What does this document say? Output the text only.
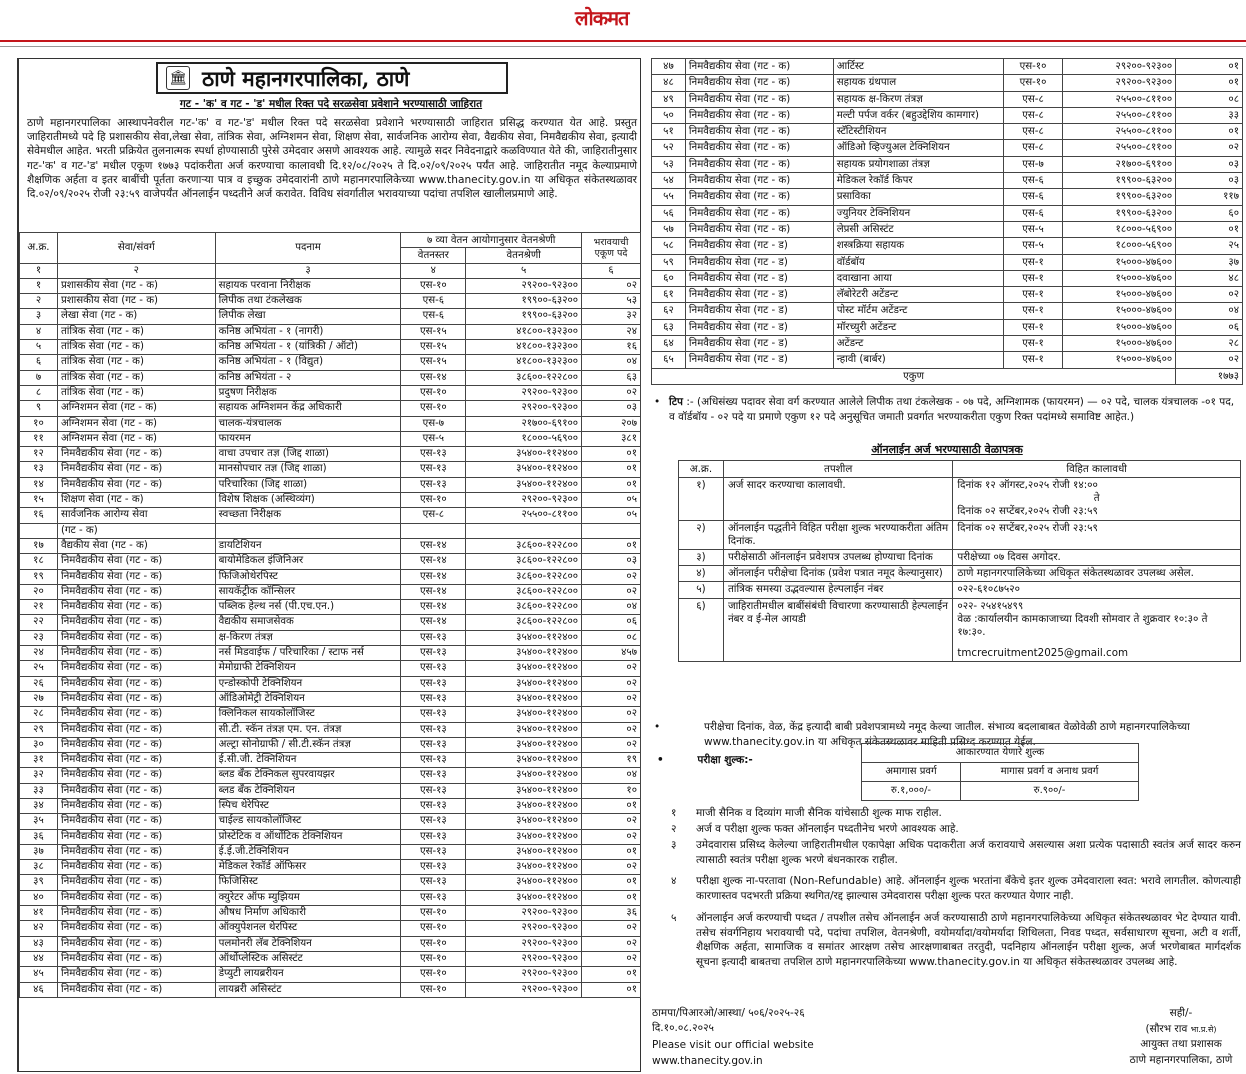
लोकमत
🏛 ठाणे महानगरपालिका, ठाणे
गट - 'क' व गट - 'ड' मधील रिक्त पदे सरळसेवा प्रवेशाने भरण्यासाठी जाहिरात
ठाणे महानगरपालिका आस्थापनेवरील गट-'क' व गट-'ड' मधील रिक्त पदे सरळसेवा प्रवेशाने भरण्यासाठी जाहिरात प्रसिद्ध करण्यात येत आहे. प्रस्तुत जाहिरातीमध्ये पदे हि प्रशासकीय सेवा,लेखा सेवा, तांत्रिक सेवा, अग्निशमन सेवा, शिक्षण सेवा, सार्वजनिक आरोग्य सेवा, वैद्यकीय सेवा, निमवैद्यकीय सेवा, इत्यादी सेवेमधील आहेत. भरती प्रक्रियेत तुलनात्मक स्पर्धा होण्यासाठी पुरेसे उमेदवार असणे आवश्यक आहे. त्यामुळे सदर निवेदनाद्वारे कळविण्यात येते की, जाहिरातीनुसार गट-'क' व गट-'ड' मधील एकूण १७७३ पदांकरीता अर्ज करण्याचा कालावधी दि.१२/०८/२०२५ ते दि.०२/०९/२०२५ पर्यंत आहे. जाहिरातीत नमूद केल्याप्रमाणे शैक्षणिक अर्हता व इतर बाबींची पूर्तता करणाऱ्या पात्र व इच्छुक उमेदवारांनी ठाणे महानगरपालिकेच्या www.thanecity.gov.in या अधिकृत संकेतस्थळावर दि.०२/०९/२०२५ रोजी २३:५९ वाजेपर्यंत ऑनलाईन पध्दतीने अर्ज करावेत. विविध संवर्गातील भरावयाच्या पदांचा तपशिल खालीलप्रमाणे आहे.
अ.क्र.	सेवा/संवर्ग	पदनाम	७ व्या वेतन आयोगानुसार वेतनश्रेणी		भरावयाची एकूण पदे
			वेतनस्तर	वेतनश्रेणी	
१	२	३	४	५	६
१	प्रशासकीय सेवा (गट - क)	सहायक परवाना निरीक्षक	एस-१०	२९२००-९२३००	०२
२	प्रशासकीय सेवा (गट - क)	लिपीक तथा टंकलेखक	एस-६	१९९००-६३२००	५३
३	लेखा सेवा (गट - क)	लिपीक लेखा	एस-६	१९९००-६३२००	३२
४	तांत्रिक सेवा (गट - क)	कनिष्ठ अभियंता - १ (नागरी)	एस-१५	४१८००-१३२३००	२४
५	तांत्रिक सेवा (गट - क)	कनिष्ठ अभियंता - १ (यांत्रिकी / ऑटो)	एस-१५	४१८००-१३२३००	१६
६	तांत्रिक सेवा (गट - क)	कनिष्ठ अभियंता - १ (विद्युत)	एस-१५	४१८००-१३२३००	०४
७	तांत्रिक सेवा (गट - क)	कनिष्ठ अभियंता - २	एस-१४	३८६००-१२२८००	६३
८	तांत्रिक सेवा (गट - क)	प्रदुषण निरीक्षक	एस-१०	२९२००-९२३००	०२
९	अग्निशमन सेवा (गट - क)	सहायक अग्निशमन केंद्र अधिकारी	एस-१०	२९२००-९२३००	०३
१०	अग्निशमन सेवा (गट - क)	चालक-यंत्रचालक	एस-७	२१७००-६९१००	२०७
११	अग्निशमन सेवा (गट - क)	फायरमन	एस-५	१८०००-५६९००	३८१
१२	निमवैद्यकीय सेवा (गट - क)	वाचा उपचार तज्ञ (जिद्द शाळा)	एस-१३	३५४००-११२४००	०१
१३	निमवैद्यकीय सेवा (गट - क)	मानसोपचार तज्ञ (जिद्द शाळा)	एस-१३	३५४००-११२४००	०१
१४	निमवैद्यकीय सेवा (गट - क)	परिचारिका (जिद्द शाळा)	एस-१३	३५४००-११२४००	०१
१५	शिक्षण सेवा (गट - क)	विशेष शिक्षक (अस्थिव्यंग)	एस-१०	२९२००-९२३००	०५
१६	सार्वजनिक आरोग्य सेवा	स्वच्छता निरीक्षक	एस-८	२५५००-८११००	०५
	(गट - क)				
१७	वैद्यकीय सेवा (गट - क)	डायटिशियन	एस-१४	३८६००-१२२८००	०१
१८	निमवैद्यकीय सेवा (गट - क)	बायोमेडिकल इंजिनिअर	एस-१४	३८६००-१२२८००	०३
१९	निमवैद्यकीय सेवा (गट - क)	फिजिओथेरपिस्ट	एस-१४	३८६००-१२२८००	०२
२०	निमवैद्यकीय सेवा (गट - क)	सायकॅट्रीक कॉन्सिलर	एस-१४	३८६००-१२२८००	०२
२१	निमवैद्यकीय सेवा (गट - क)	पब्लिक हेल्थ नर्स (पी.एच.एन.)	एस-१४	३८६००-१२२८००	०४
२२	निमवैद्यकीय सेवा (गट - क)	वैद्यकीय समाजसेवक	एस-१४	३८६००-१२२८००	०६
२३	निमवैद्यकीय सेवा (गट - क)	क्ष-किरण तंत्रज्ञ	एस-१३	३५४००-११२४००	०८
२४	निमवैद्यकीय सेवा (गट - क)	नर्स मिडवाईफ / परिचारिका / स्टाफ नर्स	एस-१३	३५४००-११२४००	४५७
२५	निमवैद्यकीय सेवा (गट - क)	मेमोग्राफी टेक्निशियन	एस-१३	३५४००-११२४००	०२
२६	निमवैद्यकीय सेवा (गट - क)	एन्डोस्कोपी टेक्निशियन	एस-१३	३५४००-११२४००	०२
२७	निमवैद्यकीय सेवा (गट - क)	ऑडिओमेट्री टेक्निशियन	एस-१३	३५४००-११२४००	०२
२८	निमवैद्यकीय सेवा (गट - क)	क्लिनिकल सायकोलॉजिस्ट	एस-१३	३५४००-११२४००	०२
२९	निमवैद्यकीय सेवा (गट - क)	सी.टी. स्कॅन तंत्रज्ञ एम. एन. तंत्रज्ञ	एस-१३	३५४००-११२४००	०२
३०	निमवैद्यकीय सेवा (गट - क)	अल्ट्रा सोनोग्राफी / सी.टी.स्कॅन तंत्रज्ञ	एस-१३	३५४००-११२४००	०२
३१	निमवैद्यकीय सेवा (गट - क)	ई.सी.जी. टेक्निशियन	एस-१३	३५४००-११२४००	१९
३२	निमवैद्यकीय सेवा (गट - क)	ब्लड बँक टेक्निकल सुपरवायझर	एस-१३	३५४००-११२४००	०४
३३	निमवैद्यकीय सेवा (गट - क)	ब्लड बँक टेक्निशियन	एस-१३	३५४००-११२४००	१०
३४	निमवैद्यकीय सेवा (गट - क)	स्पिच थेरेपिस्ट	एस-१३	३५४००-११२४००	०१
३५	निमवैद्यकीय सेवा (गट - क)	चाईल्ड सायकोलॉजिस्ट	एस-१३	३५४००-११२४००	०२
३६	निमवैद्यकीय सेवा (गट - क)	प्रोस्टेटिक व ऑर्थोटिक टेक्निशियन	एस-१३	३५४००-११२४००	०२
३७	निमवैद्यकीय सेवा (गट - क)	ई.ई.जी.टेक्निशियन	एस-१३	३५४००-११२४००	०१
३८	निमवैद्यकीय सेवा (गट - क)	मेडिकल रेकॉर्ड ऑफिसर	एस-१३	३५४००-११२४००	०२
३९	निमवैद्यकीय सेवा (गट - क)	फिजिसिस्ट	एस-१३	३५४००-११२४००	०१
४०	निमवैद्यकीय सेवा (गट - क)	क्युरेटर ऑफ म्युझियम	एस-१३	३५४००-११२४००	०१
४१	निमवैद्यकीय सेवा (गट - क)	औषध निर्माण अधिकारी	एस-१०	२९२००-९२३००	३६
४२	निमवैद्यकीय सेवा (गट - क)	ऑक्युपेशनल थेरपिस्ट	एस-१०	२९२००-९२३००	०२
४३	निमवैद्यकीय सेवा (गट - क)	पलमोनरी लॅब टेक्निशियन	एस-१०	२९२००-९२३००	०२
४४	निमवैद्यकीय सेवा (गट - क)	ऑर्थोप्लेस्टिक असिस्टंट	एस-१०	२९२००-९२३००	०२
४५	निमवैद्यकीय सेवा (गट - क)	डेप्युटी लायब्ररीयन	एस-१०	२९२००-९२३००	०१
४६	निमवैद्यकीय सेवा (गट - क)	लायब्ररी असिस्टंट	एस-१०	२९२००-९२३००	०१
४७	निमवैद्यकीय सेवा (गट - क)	आर्टिस्ट	एस-१०	२९२००-९२३००	०१
४८	निमवैद्यकीय सेवा (गट - क)	सहायक ग्रंथपाल	एस-१०	२९२००-९२३००	०१
४९	निमवैद्यकीय सेवा (गट - क)	सहायक क्ष-किरण तंत्रज्ञ	एस-८	२५५००-८११००	०८
५०	निमवैद्यकीय सेवा (गट - क)	मल्टी पर्पज वर्कर (बहुउद्देशिय कामगार)	एस-८	२५५००-८११००	३३
५१	निमवैद्यकीय सेवा (गट - क)	स्टॅटिस्टीशियन	एस-८	२५५००-८११००	०१
५२	निमवैद्यकीय सेवा (गट - क)	ऑडिओ व्हिज्युअल टेक्निशियन	एस-८	२५५००-८११००	०२
५३	निमवैद्यकीय सेवा (गट - क)	सहायक प्रयोगशाळा तंत्रज्ञ	एस-७	२१७००-६९१००	०३
५४	निमवैद्यकीय सेवा (गट - क)	मेडिकल रेकॉर्ड किपर	एस-६	१९९००-६३२००	०३
५५	निमवैद्यकीय सेवा (गट - क)	प्रसाविका	एस-६	१९९००-६३२००	११७
५६	निमवैद्यकीय सेवा (गट - क)	ज्युनियर टेक्निशियन	एस-६	१९९००-६३२००	६०
५७	निमवैद्यकीय सेवा (गट - क)	लेप्रसी असिस्टंट	एस-५	१८०००-५६९००	०१
५८	निमवैद्यकीय सेवा (गट - ड)	शस्त्रक्रिया सहायक	एस-५	१८०००-५६९००	२५
५९	निमवैद्यकीय सेवा (गट - ड)	वॉर्डबॉय	एस-१	१५०००-४७६००	३७
६०	निमवैद्यकीय सेवा (गट - ड)	दवाखाना आया	एस-१	१५०००-४७६००	४८
६१	निमवैद्यकीय सेवा (गट - ड)	लॅबोरेटरी अटेंडन्ट	एस-१	१५०००-४७६००	०२
६२	निमवैद्यकीय सेवा (गट - ड)	पोस्ट मॉर्टम अटेंडन्ट	एस-१	१५०००-४७६००	०४
६३	निमवैद्यकीय सेवा (गट - ड)	मॉरच्युरी अटेंडन्ट	एस-१	१५०००-४७६००	०६
६४	निमवैद्यकीय सेवा (गट - ड)	अटेंडन्ट	एस-१	१५०००-४७६००	२८
६५	निमवैद्यकीय सेवा (गट - ड)	न्हावी (बार्बर)	एस-१	१५०००-४७६००	०२
एकुण					१७७३
• टिप :- (अधिसंख्य पदावर सेवा वर्ग करण्यात आलेले लिपीक तथा टंकलेखक - ०७ पदे, अग्निशामक (फायरमन) — ०२ पदे, चालक यंत्रचालक -०१ पद, व वॉर्डबॉय - ०२ पदे या प्रमाणे एकुण १२ पदे अनुसूचित जमाती प्रवर्गात भरण्याकरीता एकुण रिक्त पदांमध्ये समाविष्ट आहेत.)
ऑनलाईन अर्ज भरण्यासाठी वेळापत्रक
अ.क्र.	तपशील	विहित कालावधी
१)	अर्ज सादर करण्याचा कालावधी.	दिनांक १२ ऑगस्ट,२०२५ रोजी १४:००
ते
दिनांक ०२ सप्टेंबर,२०२५ रोजी २३:५९

२)	ऑनलाईन पद्धतीने विहित परीक्षा शुल्क भरण्याकरीता अंतिम दिनांक.	दिनांक ०२ सप्टेंबर,२०२५ रोजी २३:५९

३)	परीक्षेसाठी ऑनलाईन प्रवेशपत्र उपलब्ध होण्याचा दिनांक	परीक्षेच्या ०७ दिवस अगोदर.

४)	ऑनलाईन परीक्षेचा दिनांक (प्रवेश पत्रात नमूद केल्यानुसार)	ठाणे महानगरपालिकेच्या अधिकृत संकेतस्थळावर उपलब्ध असेल.

५)	तांत्रिक समस्या उद्भवल्यास हेल्पलाईन नंबर	०२२-६१०८७५२०

६)	जाहिरातीमधील बाबींसंबंधी विचारणा करण्यासाठी हेल्पलाईन नंबर व ई-मेल आयडी	०२२- २५४१५४९९
वेळ :कार्यालयीन कामकाजाच्या दिवशी सोमवार ते शुक्रवार १०:३० ते १७:३०.
tmcrecruitment2025@gmail.com
•	परीक्षेचा दिनांक, वेळ, केंद्र इत्यादी बाबी प्रवेशपत्रामध्ये नमूद केल्या जातील. संभाव्य बदलाबाबत वेळोवेळी ठाणे महानगरपालिकेच्या www.thanecity.gov.in या अधिकृत संकेतस्थळावर माहिती प्रसिध्द करण्यात येईल.
•	परीक्षा शुल्क:-
आकारण्यात येणारे शुल्क	
अमागास प्रवर्ग	मागास प्रवर्ग व अनाथ प्रवर्ग
रु.१,०००/-	रु.९००/-
१ माजी सैनिक व दिव्यांग माजी सैनिक यांचेसाठी शुल्क माफ राहील.
२ अर्ज व परीक्षा शुल्क फक्त ऑनलाईन पध्दतीनेच भरणे आवश्यक आहे.
३ उमेदवारास प्रसिध्द केलेल्या जाहिरातीमधील एकापेक्षा अधिक पदाकरीता अर्ज करावयाचे असल्यास अशा प्रत्येक पदासाठी स्वतंत्र अर्ज सादर करुन त्यासाठी स्वतंत्र परीक्षा शुल्क भरणे बंधनकारक राहील.
४ परीक्षा शुल्क ना-परतावा (Non-Refundable) आहे. ऑनलाईन शुल्क भरतांना बँकेचे इतर शुल्क उमेदवाराला स्वत: भरावे लागतील. कोणत्याही कारणास्तव पदभरती प्रक्रिया स्थगित/रद्द झाल्यास उमेदवारास परीक्षा शुल्क परत करण्यात येणार नाही.
५ ऑनलाईन अर्ज करण्याची पध्दत / तपशील तसेच ऑनलाईन अर्ज करण्यासाठी ठाणे महानगरपालिकेच्या अधिकृत संकेतस्थळावर भेट देण्यात यावी. तसेच संवर्गनिहाय भरावयाची पदे, पदांचा तपशिल, वेतनश्रेणी, वयोमर्यादा/वयोमर्यादा शिथिलता, निवड पध्दत, सर्वसाधारण सूचना, अटी व शर्ती, शैक्षणिक अर्हता, सामाजिक व समांतर आरक्षण तसेच आरक्षणाबाबत तरतुदी, पदनिहाय ऑनलाईन परीक्षा शुल्क, अर्ज भरणेबाबत मार्गदर्शक सूचना इत्यादी बाबतचा तपशिल ठाणे महानगरपालिकेच्या www.thanecity.gov.in या अधिकृत संकेतस्थळावर उपलब्ध आहे.
ठामपा/पिआरओ/आस्था/ ५०६/२०२५-२६
दि.१०.०८.२०२५
Please visit our official website
www.thanecity.gov.in
सही/-
(सौरभ राव भा.प्र.से)
आयुक्त तथा प्रशासक
ठाणे महानगरपालिका, ठाणे
